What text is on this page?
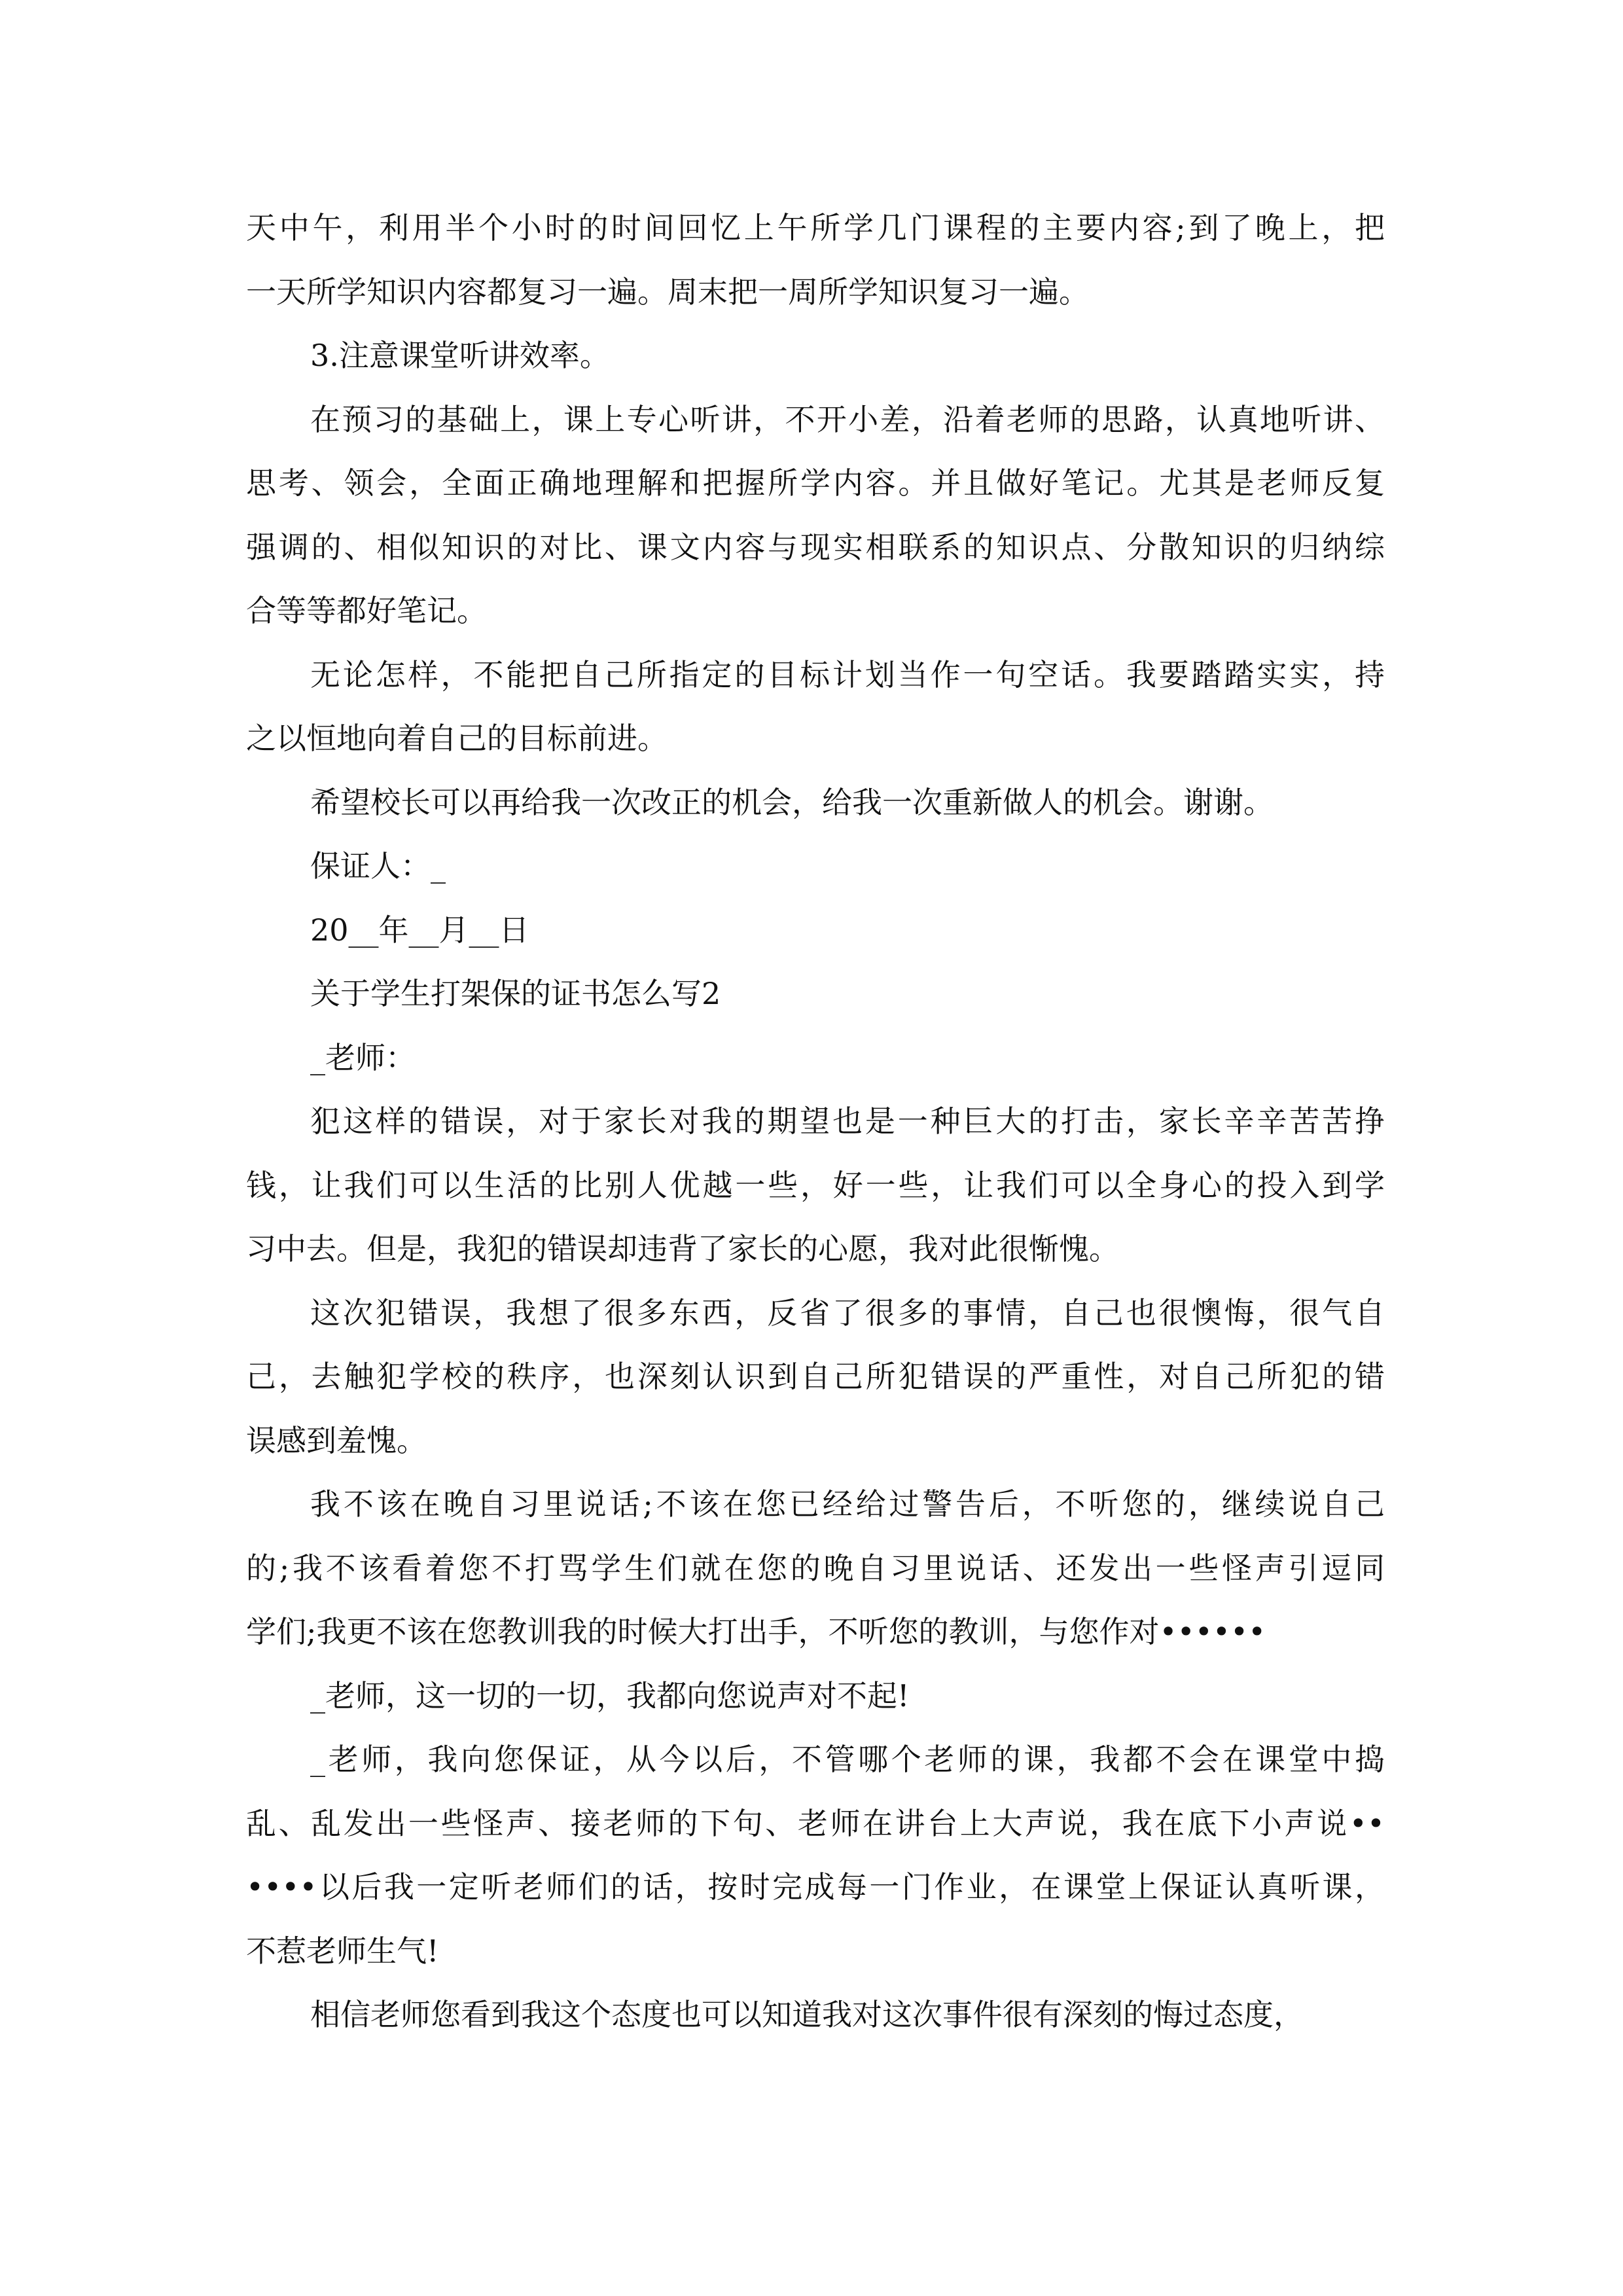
天中午，利用半个小时的时间回忆上午所学几门课程的主要内容;到了晚上，把

一天所学知识内容都复习一遍。周末把一周所学知识复习一遍。

3.注意课堂听讲效率。

在预习的基础上，课上专心听讲，不开小差，沿着老师的思路，认真地听讲、

思考、领会，全面正确地理解和把握所学内容。并且做好笔记。尤其是老师反复

强调的、相似知识的对比、课文内容与现实相联系的知识点、分散知识的归纳综

合等等都好笔记。

无论怎样，不能把自己所指定的目标计划当作一句空话。我要踏踏实实，持

之以恒地向着自己的目标前进。

希望校长可以再给我一次改正的机会，给我一次重新做人的机会。谢谢。

保证人：_

20__年__月__日

关于学生打架保的证书怎么写2

_老师：

犯这样的错误，对于家长对我的期望也是一种巨大的打击，家长辛辛苦苦挣

钱，让我们可以生活的比别人优越一些，好一些，让我们可以全身心的投入到学

习中去。但是，我犯的错误却违背了家长的心愿，我对此很惭愧。

这次犯错误，我想了很多东西，反省了很多的事情，自己也很懊悔，很气自

己，去触犯学校的秩序，也深刻认识到自己所犯错误的严重性，对自己所犯的错

误感到羞愧。

我不该在晚自习里说话;不该在您已经给过警告后，不听您的，继续说自己

的;我不该看着您不打骂学生们就在您的晚自习里说话、还发出一些怪声引逗同

学们;我更不该在您教训我的时候大打出手，不听您的教训，与您作对••••••

_老师，这一切的一切，我都向您说声对不起!

_老师，我向您保证，从今以后，不管哪个老师的课，我都不会在课堂中捣

乱、乱发出一些怪声、接老师的下句、老师在讲台上大声说，我在底下小声说••

••••以后我一定听老师们的话，按时完成每一门作业，在课堂上保证认真听课，

不惹老师生气!

相信老师您看到我这个态度也可以知道我对这次事件很有深刻的悔过态度，
